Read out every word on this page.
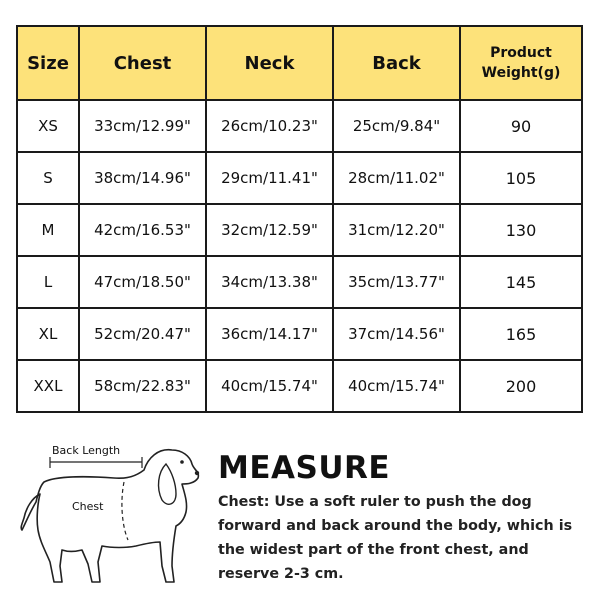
Size	Chest	Neck	Back	Product
Weight(g)

XS	33cm/12.99"	26cm/10.23"	25cm/9.84"	90
S	38cm/14.96"	29cm/11.41"	28cm/11.02"	105
M	42cm/16.53"	32cm/12.59"	31cm/12.20"	130
L	47cm/18.50"	34cm/13.38"	35cm/13.77"	145
XL	52cm/20.47"	36cm/14.17"	37cm/14.56"	165
XXL	58cm/22.83"	40cm/15.74"	40cm/15.74"	200
Back Length
Chest
MEASURE
Chest: Use a soft ruler to push the dog forward and back around the body, which is the widest part of the front chest, and reserve 2-3 cm.
